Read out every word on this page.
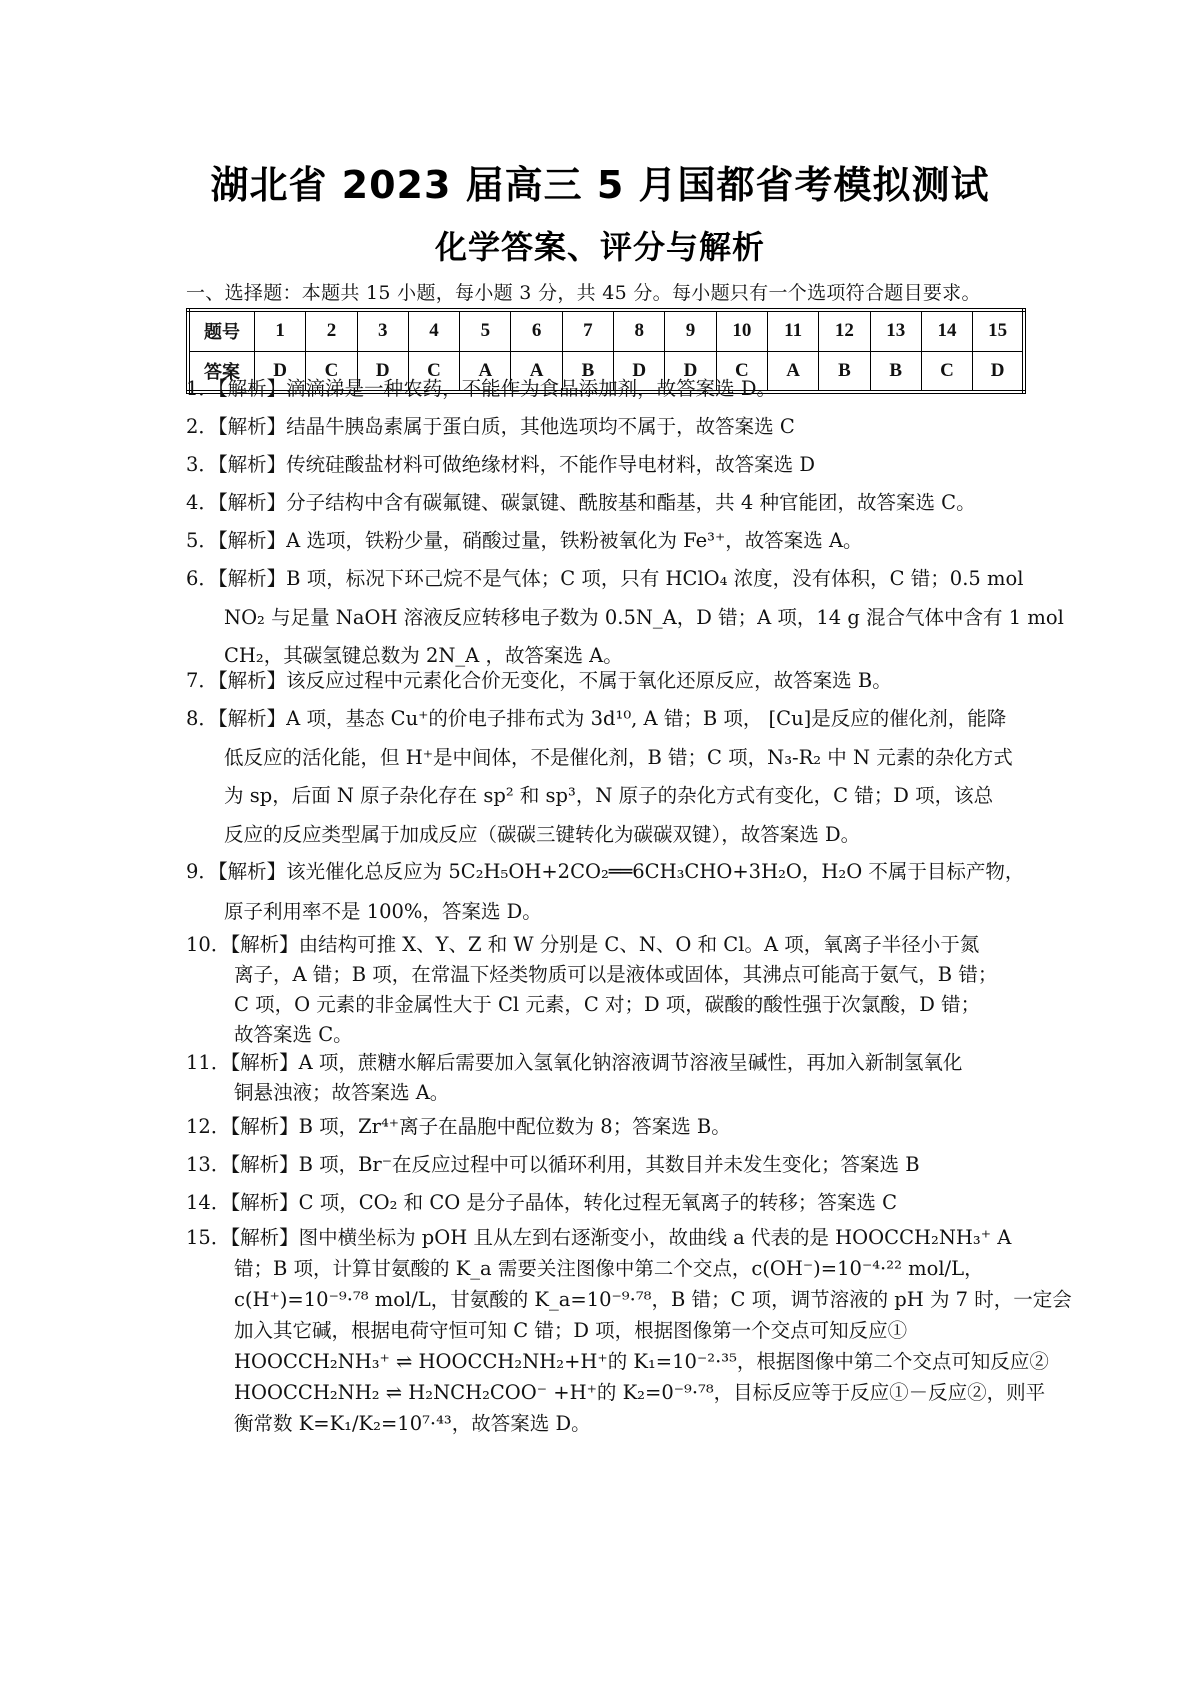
湖北省 2023 届高三 5 月国都省考模拟测试
化学答案、评分与解析
一、选择题：本题共 15 小题，每小题 3 分，共 45 分。每小题只有一个选项符合题目要求。
题号	1	2	3	4	5	6	7	8	9	10	11	12	13	14	15
答案	D	C	D	C	A	A	B	D	D	C	A	B	B	C	D
1．【解析】滴滴涕是一种农药，不能作为食品添加剂，故答案选 D。
2．【解析】结晶牛胰岛素属于蛋白质，其他选项均不属于，故答案选 C
3．【解析】传统硅酸盐材料可做绝缘材料，不能作导电材料，故答案选 D
4．【解析】分子结构中含有碳氟键、碳氯键、酰胺基和酯基，共 4 种官能团，故答案选 C。
5．【解析】A 选项，铁粉少量，硝酸过量，铁粉被氧化为 Fe³⁺，故答案选 A。
6．【解析】B 项，标况下环己烷不是气体；C 项，只有 HClO₄ 浓度，没有体积，C 错；0.5 mol
NO₂ 与足量 NaOH 溶液反应转移电子数为 0.5N_A，D 错；A 项，14 g 混合气体中含有 1 mol
CH₂，其碳氢键总数为 2N_A ，故答案选 A。
7．【解析】该反应过程中元素化合价无变化，不属于氧化还原反应，故答案选 B。
8．【解析】A 项，基态 Cu⁺的价电子排布式为 3d¹⁰, A 错；B 项， [Cu]是反应的催化剂，能降
低反应的活化能，但 H⁺是中间体，不是催化剂，B 错；C 项，N₃-R₂ 中 N 元素的杂化方式
为 sp，后面 N 原子杂化存在 sp² 和 sp³，N 原子的杂化方式有变化，C 错；D 项，该总
反应的反应类型属于加成反应（碳碳三键转化为碳碳双键），故答案选 D。
9．【解析】该光催化总反应为 5C₂H₅OH+2CO₂══6CH₃CHO+3H₂O，H₂O 不属于目标产物，
原子利用率不是 100%，答案选 D。
10．【解析】由结构可推 X、Y、Z 和 W 分别是 C、N、O 和 Cl。A 项，氧离子半径小于氮
离子，A 错；B 项，在常温下烃类物质可以是液体或固体，其沸点可能高于氨气，B 错；
C 项，O 元素的非金属性大于 Cl 元素，C 对；D 项，碳酸的酸性强于次氯酸，D 错；
故答案选 C。
11．【解析】A 项，蔗糖水解后需要加入氢氧化钠溶液调节溶液呈碱性，再加入新制氢氧化
铜悬浊液；故答案选 A。
12．【解析】B 项，Zr⁴⁺离子在晶胞中配位数为 8；答案选 B。
13．【解析】B 项，Br⁻在反应过程中可以循环利用，其数目并未发生变化；答案选 B
14．【解析】C 项，CO₂ 和 CO 是分子晶体，转化过程无氧离子的转移；答案选 C
15．【解析】图中横坐标为 pOH 且从左到右逐渐变小，故曲线 a 代表的是 HOOCCH₂NH₃⁺ A
错；B 项，计算甘氨酸的 K_a 需要关注图像中第二个交点，c(OH⁻)=10⁻⁴·²² mol/L，
c(H⁺)=10⁻⁹·⁷⁸ mol/L，甘氨酸的 K_a=10⁻⁹·⁷⁸，B 错；C 项，调节溶液的 pH 为 7 时，一定会
加入其它碱，根据电荷守恒可知 C 错；D 项，根据图像第一个交点可知反应①
HOOCCH₂NH₃⁺ ⇌ HOOCCH₂NH₂+H⁺的 K₁=10⁻²·³⁵，根据图像中第二个交点可知反应②
HOOCCH₂NH₂ ⇌ H₂NCH₂COO⁻ +H⁺的 K₂=0⁻⁹·⁷⁸，目标反应等于反应①－反应②，则平
衡常数 K=K₁/K₂=10⁷·⁴³，故答案选 D。
